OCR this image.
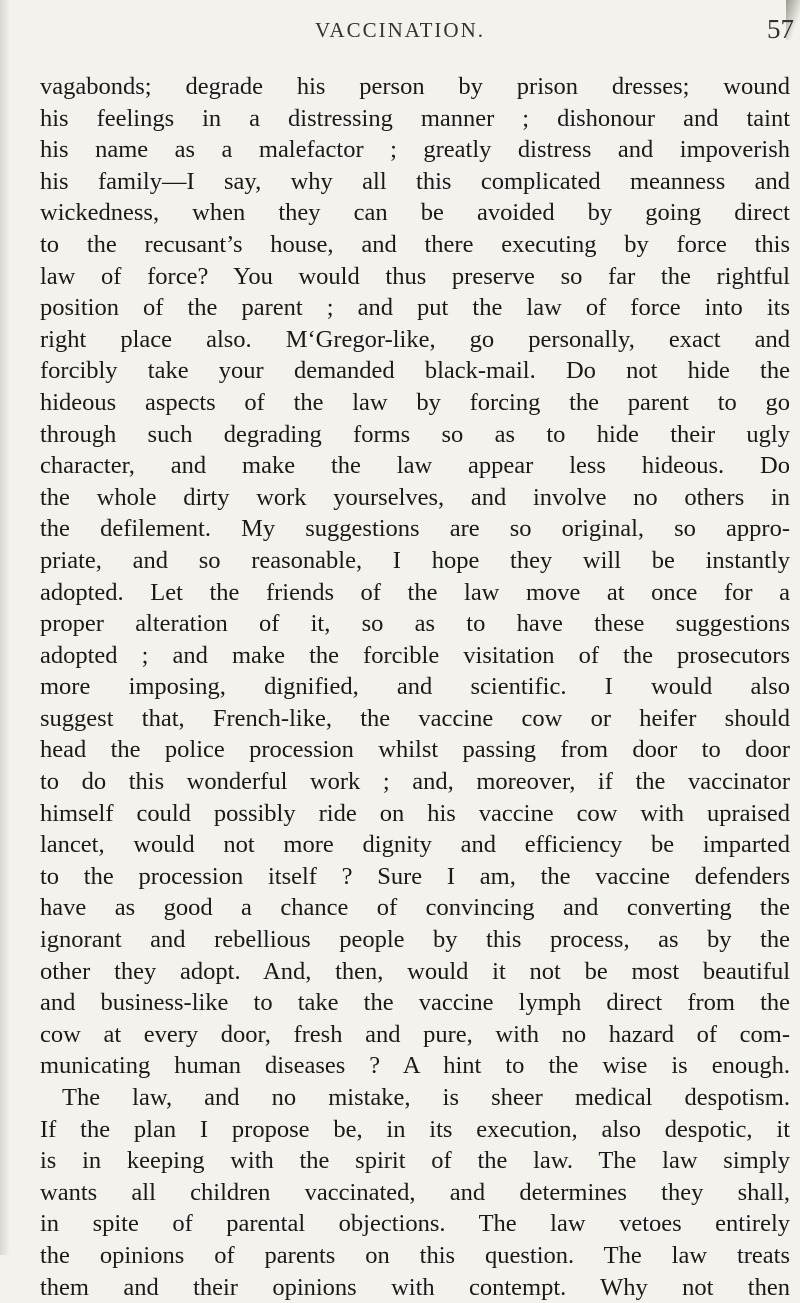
VACCINATION.	57
vagabonds; degrade his person by prison dresses; wound
his feelings in a distressing manner ; dishonour and taint
his name as a malefactor ; greatly distress and impoverish
his family—I say, why all this complicated meanness and
wickedness, when they can be avoided by going direct
to the recusant’s house, and there executing by force this
law of force? You would thus preserve so far the rightful
position of the parent ; and put the law of force into its
right place also. M‘Gregor-like, go personally, exact and
forcibly take your demanded black-mail. Do not hide the
hideous aspects of the law by forcing the parent to go
through such degrading forms so as to hide their ugly
character, and make the law appear less hideous. Do
the whole dirty work yourselves, and involve no others in
the defilement. My suggestions are so original, so appro-
priate, and so reasonable, I hope they will be instantly
adopted. Let the friends of the law move at once for a
proper alteration of it, so as to have these suggestions
adopted ; and make the forcible visitation of the prosecutors
more imposing, dignified, and scientific. I would also
suggest that, French-like, the vaccine cow or heifer should
head the police procession whilst passing from door to door
to do this wonderful work ; and, moreover, if the vaccinator
himself could possibly ride on his vaccine cow with upraised
lancet, would not more dignity and efficiency be imparted
to the procession itself ? Sure I am, the vaccine defenders
have as good a chance of convincing and converting the
ignorant and rebellious people by this process, as by the
other they adopt. And, then, would it not be most beautiful
and business-like to take the vaccine lymph direct from the
cow at every door, fresh and pure, with no hazard of com-
municating human diseases ? A hint to the wise is enough.
The law, and no mistake, is sheer medical despotism.
If the plan I propose be, in its execution, also despotic, it
is in keeping with the spirit of the law. The law simply
wants all children vaccinated, and determines they shall,
in spite of parental objections. The law vetoes entirely
the opinions of parents on this question. The law treats
them and their opinions with contempt. Why not then
